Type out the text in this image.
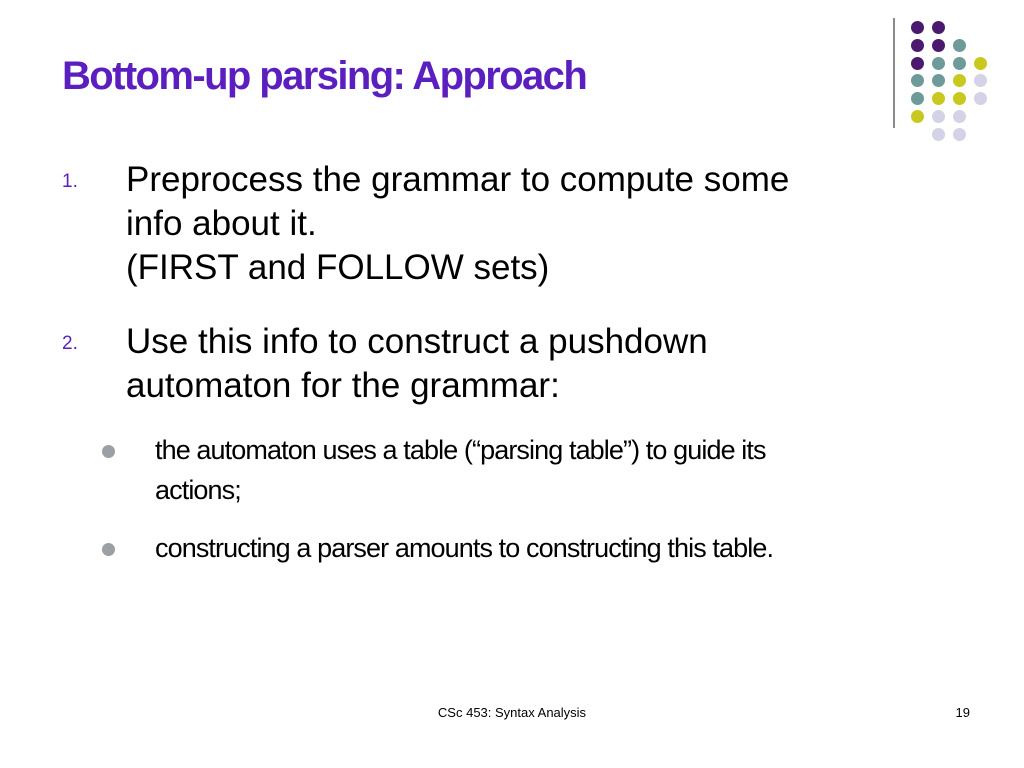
Bottom-up parsing: Approach
1. Preprocess the grammar to compute some
info about it.
(FIRST and FOLLOW sets)
2. Use this info to construct a pushdown
automaton for the grammar:
the automaton uses a table (“parsing table”) to guide its
actions;
constructing a parser amounts to constructing this table.
CSc 453: Syntax Analysis	19
